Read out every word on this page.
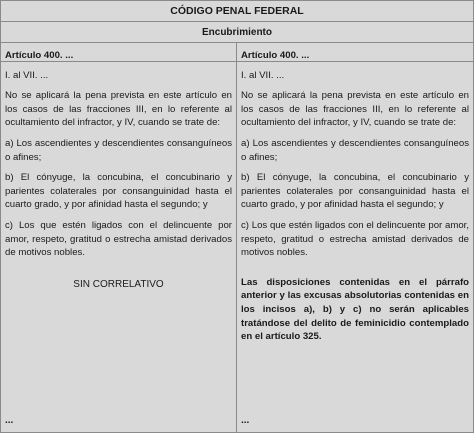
CÓDIGO PENAL FEDERAL
Encubrimiento
Artículo 400. ...

I. al VII. ...

No se aplicará la pena prevista en este artículo en los casos de las fracciones III, en lo referente al ocultamiento del infractor, y IV, cuando se trate de:

a) Los ascendientes y descendientes consanguíneos o afines;

b) El cónyuge, la concubina, el concubinario y parientes colaterales por consanguinidad hasta el cuarto grado, y por afinidad hasta el segundo; y

c) Los que estén ligados con el delincuente por amor, respeto, gratitud o estrecha amistad derivados de motivos nobles.

SIN CORRELATIVO

...
Artículo 400. ...

I. al VII. ...

No se aplicará la pena prevista en este artículo en los casos de las fracciones III, en lo referente al ocultamiento del infractor, y IV, cuando se trate de:

a) Los ascendientes y descendientes consanguíneos o afines;

b) El cónyuge, la concubina, el concubinario y parientes colaterales por consanguinidad hasta el cuarto grado, y por afinidad hasta el segundo; y

c) Los que estén ligados con el delincuente por amor, respeto, gratitud o estrecha amistad derivados de motivos nobles.

Las disposiciones contenidas en el párrafo anterior y las excusas absolutorias contenidas en los incisos a), b) y c) no serán aplicables tratándose del delito de feminicidio contemplado en el artículo 325.

...
